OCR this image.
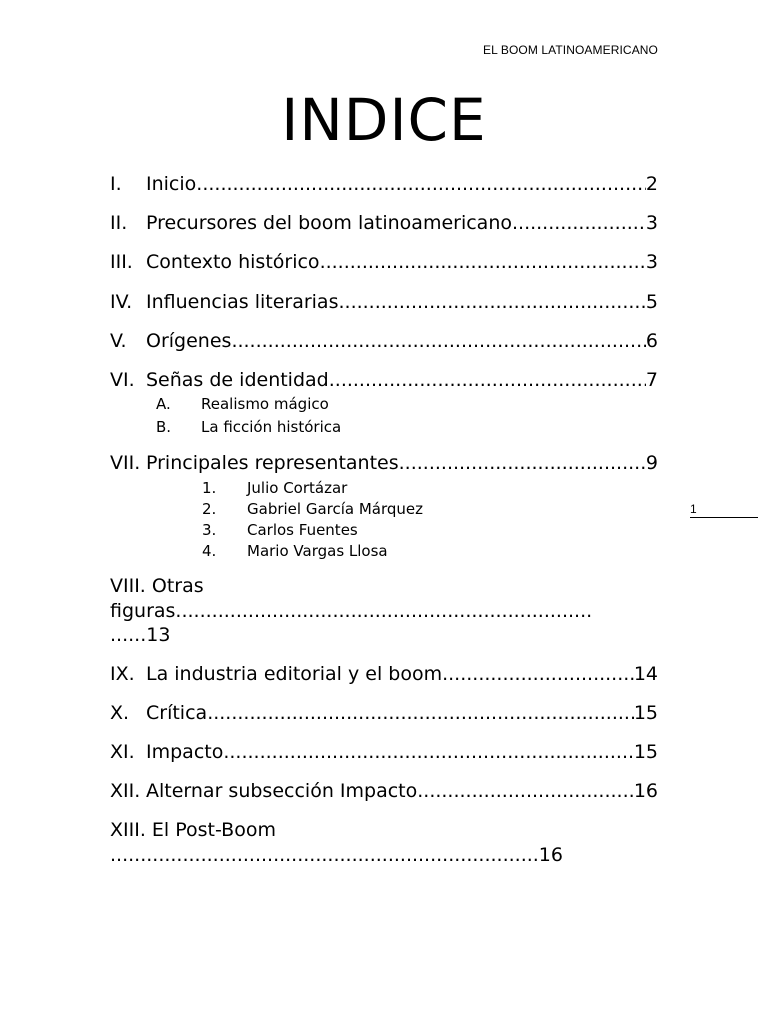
EL BOOM LATINOAMERICANO
INDICE
I. Inicio .....	2
II. Precursores del boom latinoamericano .....	3
III. Contexto histórico .....	3
IV. Influencias literarias .....	5
V. Orígenes .....	6
VI. Señas de identidad .....	7
A. Realismo mágico
B. La ficción histórica
VII. Principales representantes .....	9
1. Julio Cortázar
2. Gabriel García Márquez
3. Carlos Fuentes
4. Mario Vargas Llosa
VIII. Otras
figuras.....................................................................
......13
IX. La industria editorial y el boom .....	14
X. Crítica .....	15
XI. Impacto .....	15
XII. Alternar subsección Impacto .....	16
XIII. El Post-Boom
.......................................................................16
1
